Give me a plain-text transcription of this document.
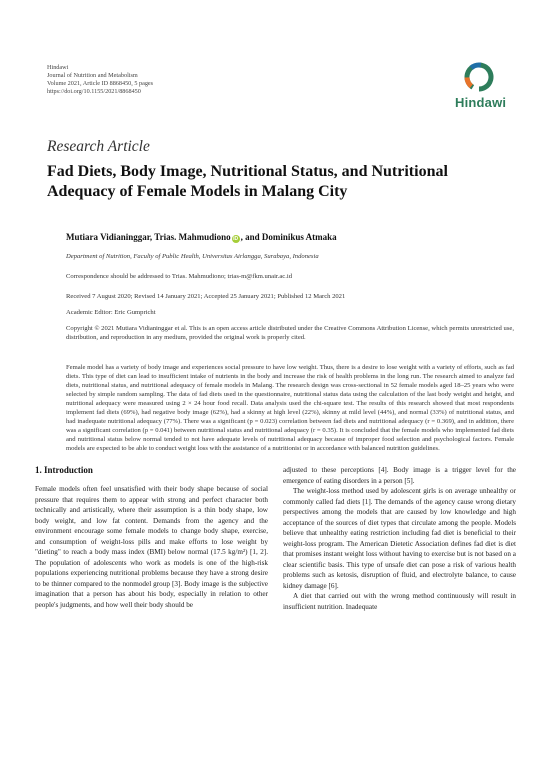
Hindawi
Journal of Nutrition and Metabolism
Volume 2021, Article ID 8868450, 5 pages
https://doi.org/10.1155/2021/8868450
Hindawi
Research Article
Fad Diets, Body Image, Nutritional Status, and Nutritional Adequacy of Female Models in Malang City
Mutiara Vidianinggar, Trias. Mahmudiono iD , and Dominikus Atmaka
Department of Nutrition, Faculty of Public Health, Universitas Airlangga, Surabaya, Indonesia
Correspondence should be addressed to Trias. Mahmudiono; trias-m@fkm.unair.ac.id
Received 7 August 2020; Revised 14 January 2021; Accepted 25 January 2021; Published 12 March 2021
Academic Editor: Eric Gumpricht
Copyright © 2021 Mutiara Vidianinggar et al. This is an open access article distributed under the Creative Commons Attribution License, which permits unrestricted use, distribution, and reproduction in any medium, provided the original work is properly cited.
Female model has a variety of body image and experiences social pressure to have low weight. Thus, there is a desire to lose weight with a variety of efforts, such as fad diets. This type of diet can lead to insufficient intake of nutrients in the body and increase the risk of health problems in the long run. The research aimed to analyze fad diets, nutritional status, and nutritional adequacy of female models in Malang. The research design was cross-sectional in 52 female models aged 18–25 years who were selected by simple random sampling. The data of fad diets used in the questionnaire, nutritional status data using the calculation of the last body weight and height, and nutritional adequacy were measured using 2 × 24 hour food recall. Data analysis used the chi-square test. The results of this research showed that most respondents implement fad diets (69%), had negative body image (62%), had a skinny at high level (22%), skinny at mild level (44%), and normal (33%) of nutritional status, and had inadequate nutritional adequacy (77%). There was a significant (p = 0.023) correlation between fad diets and nutritional adequacy (r = 0.369), and in addition, there was a significant correlation (p = 0.041) between nutritional status and nutritional adequacy (r = 0.35). It is concluded that the female models who implemented fad diets and nutritional status below normal tended to not have adequate levels of nutritional adequacy because of improper food selection and psychological factors. Female models are expected to be able to conduct weight loss with the assistance of a nutritionist or in accordance with balanced nutrition guidelines.
1. Introduction

Female models often feel unsatisfied with their body shape because of social pressure that requires them to appear with strong and perfect character both technically and artistically, where their assumption is a thin body shape, low body weight, and low fat content. Demands from the agency and the environment encourage some female models to change body shape, exercise, and consumption of weight-loss pills and make efforts to lose weight by "dieting" to reach a body mass index (BMI) below normal (17.5 kg/m²) [1, 2]. The population of adolescents who work as models is one of the high-risk populations experiencing nutritional problems because they have a strong desire to be thinner compared to the nonmodel group [3]. Body image is the subjective imagination that a person has about his body, especially in relation to other people's judgments, and how well their body should be

adjusted to these perceptions [4]. Body image is a trigger level for the emergence of eating disorders in a person [5].

The weight-loss method used by adolescent girls is on average unhealthy or commonly called fad diets [1]. The demands of the agency cause wrong dietary perspectives among the models that are caused by low knowledge and high acceptance of the sources of diet types that circulate among the people. Models believe that unhealthy eating restriction including fad diet is beneficial to their weight-loss program. The American Dietetic Association defines fad diet is diet that promises instant weight loss without having to exercise but is not based on a clear scientific basis. This type of unsafe diet can pose a risk of various health problems such as ketosis, disruption of fluid, and electrolyte balance, to cause kidney damage [6].

A diet that carried out with the wrong method continuously will result in insufficient nutrition. Inadequate
